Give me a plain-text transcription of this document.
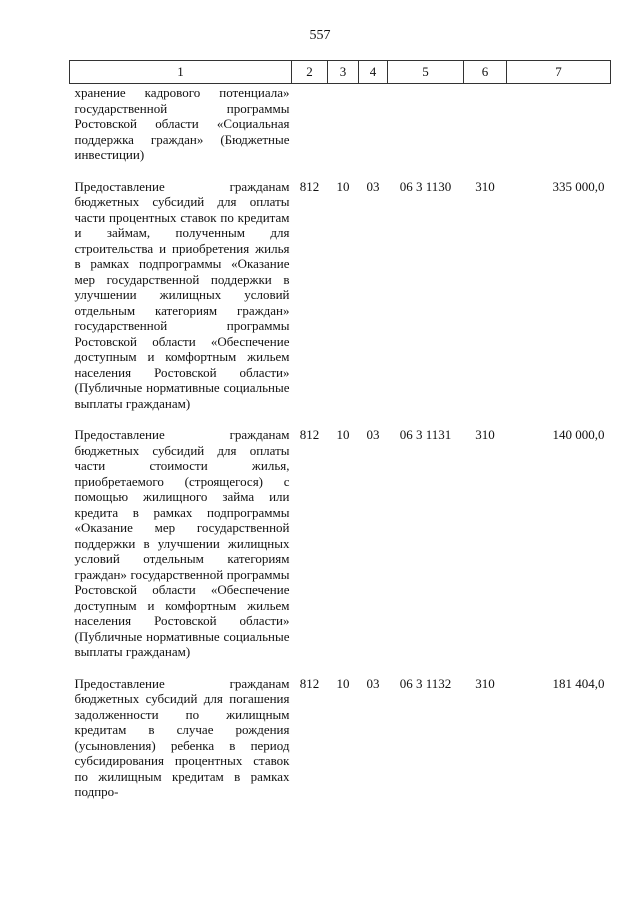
557
1	2	3	4	5	6	7
хранение кадрового потенциала» государственной программы Ростовской области «Социальная поддержка граждан» (Бюджетные инвестиции)						
Предоставление гражданам бюджетных субсидий для оплаты части процентных ставок по кредитам и займам, полученным для строительства и приобретения жилья в рамках подпрограммы «Оказание мер государственной поддержки в улучшении жилищных условий отдельным категориям граждан» государственной программы Ростовской области «Обеспечение доступным и комфортным жильем населения Ростовской области» (Публичные нормативные социальные выплаты гражданам)	812	10	03	06 3 1130	310	335 000,0
Предоставление гражданам бюджетных субсидий для оплаты части стоимости жилья, приобретаемого (строящегося) с помощью жилищного займа или кредита в рамках подпрограммы «Оказание мер государственной поддержки в улучшении жилищных условий отдельным категориям граждан» государственной программы Ростовской области «Обеспечение доступным и комфортным жильем населения Ростовской области» (Публичные нормативные социальные выплаты гражданам)	812	10	03	06 3 1131	310	140 000,0
Предоставление гражданам бюджетных субсидий для погашения задолженности по жилищным кредитам в случае рождения (усыновления) ребенка в период субсидирования процентных ставок по жилищным кредитам в рамках подпро-	812	10	03	06 3 1132	310	181 404,0
